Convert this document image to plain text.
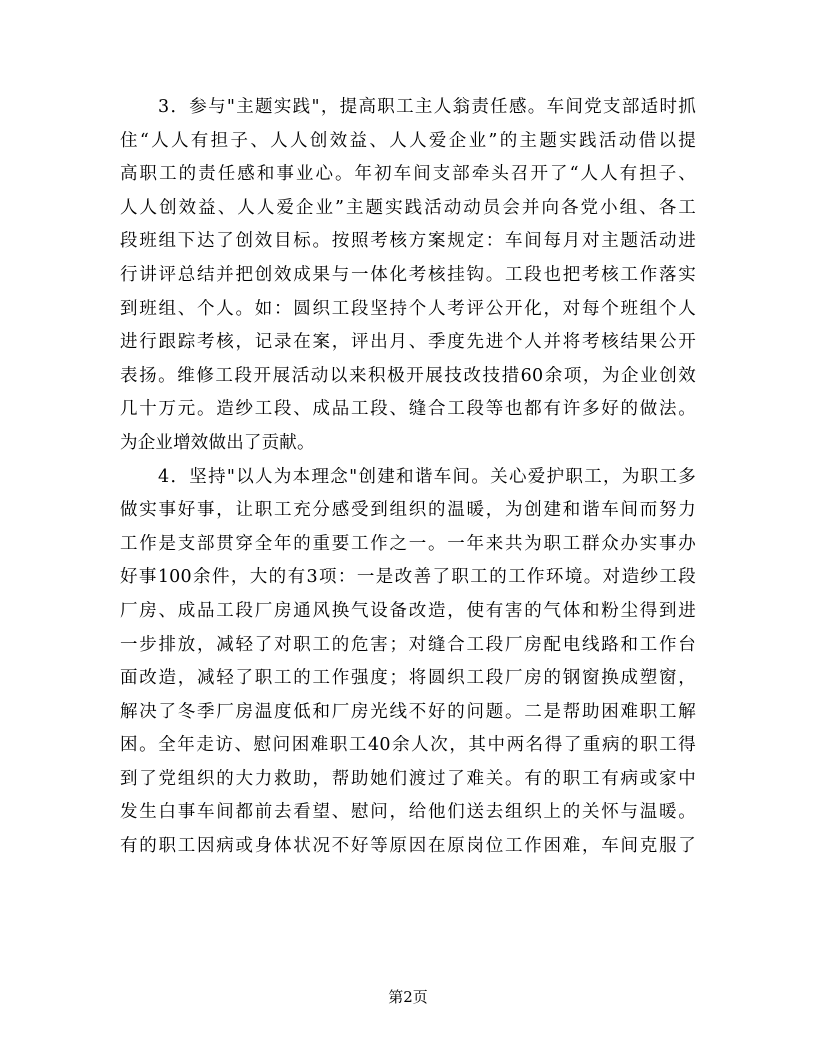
3．参与"主题实践"，提高职工主人翁责任感。车间党支部适时抓
住“人人有担子、人人创效益、人人爱企业”的主题实践活动借以提
高职工的责任感和事业心。年初车间支部牵头召开了“人人有担子、
人人创效益、人人爱企业”主题实践活动动员会并向各党小组、各工
段班组下达了创效目标。按照考核方案规定：车间每月对主题活动进
行讲评总结并把创效成果与一体化考核挂钩。工段也把考核工作落实
到班组、个人。如：圆织工段坚持个人考评公开化，对每个班组个人
进行跟踪考核，记录在案，评出月、季度先进个人并将考核结果公开
表扬。维修工段开展活动以来积极开展技改技措60余项，为企业创效
几十万元。造纱工段、成品工段、缝合工段等也都有许多好的做法。
为企业增效做出了贡献。
4．坚持"以人为本理念"创建和谐车间。关心爱护职工，为职工多
做实事好事，让职工充分感受到组织的温暖，为创建和谐车间而努力
工作是支部贯穿全年的重要工作之一。一年来共为职工群众办实事办
好事100余件，大的有3项：一是改善了职工的工作环境。对造纱工段
厂房、成品工段厂房通风换气设备改造，使有害的气体和粉尘得到进
一步排放，减轻了对职工的危害；对缝合工段厂房配电线路和工作台
面改造，减轻了职工的工作强度；将圆织工段厂房的钢窗换成塑窗，
解决了冬季厂房温度低和厂房光线不好的问题。二是帮助困难职工解
困。全年走访、慰问困难职工40余人次，其中两名得了重病的职工得
到了党组织的大力救助，帮助她们渡过了难关。有的职工有病或家中
发生白事车间都前去看望、慰问，给他们送去组织上的关怀与温暖。
有的职工因病或身体状况不好等原因在原岗位工作困难，车间克服了
第2页
